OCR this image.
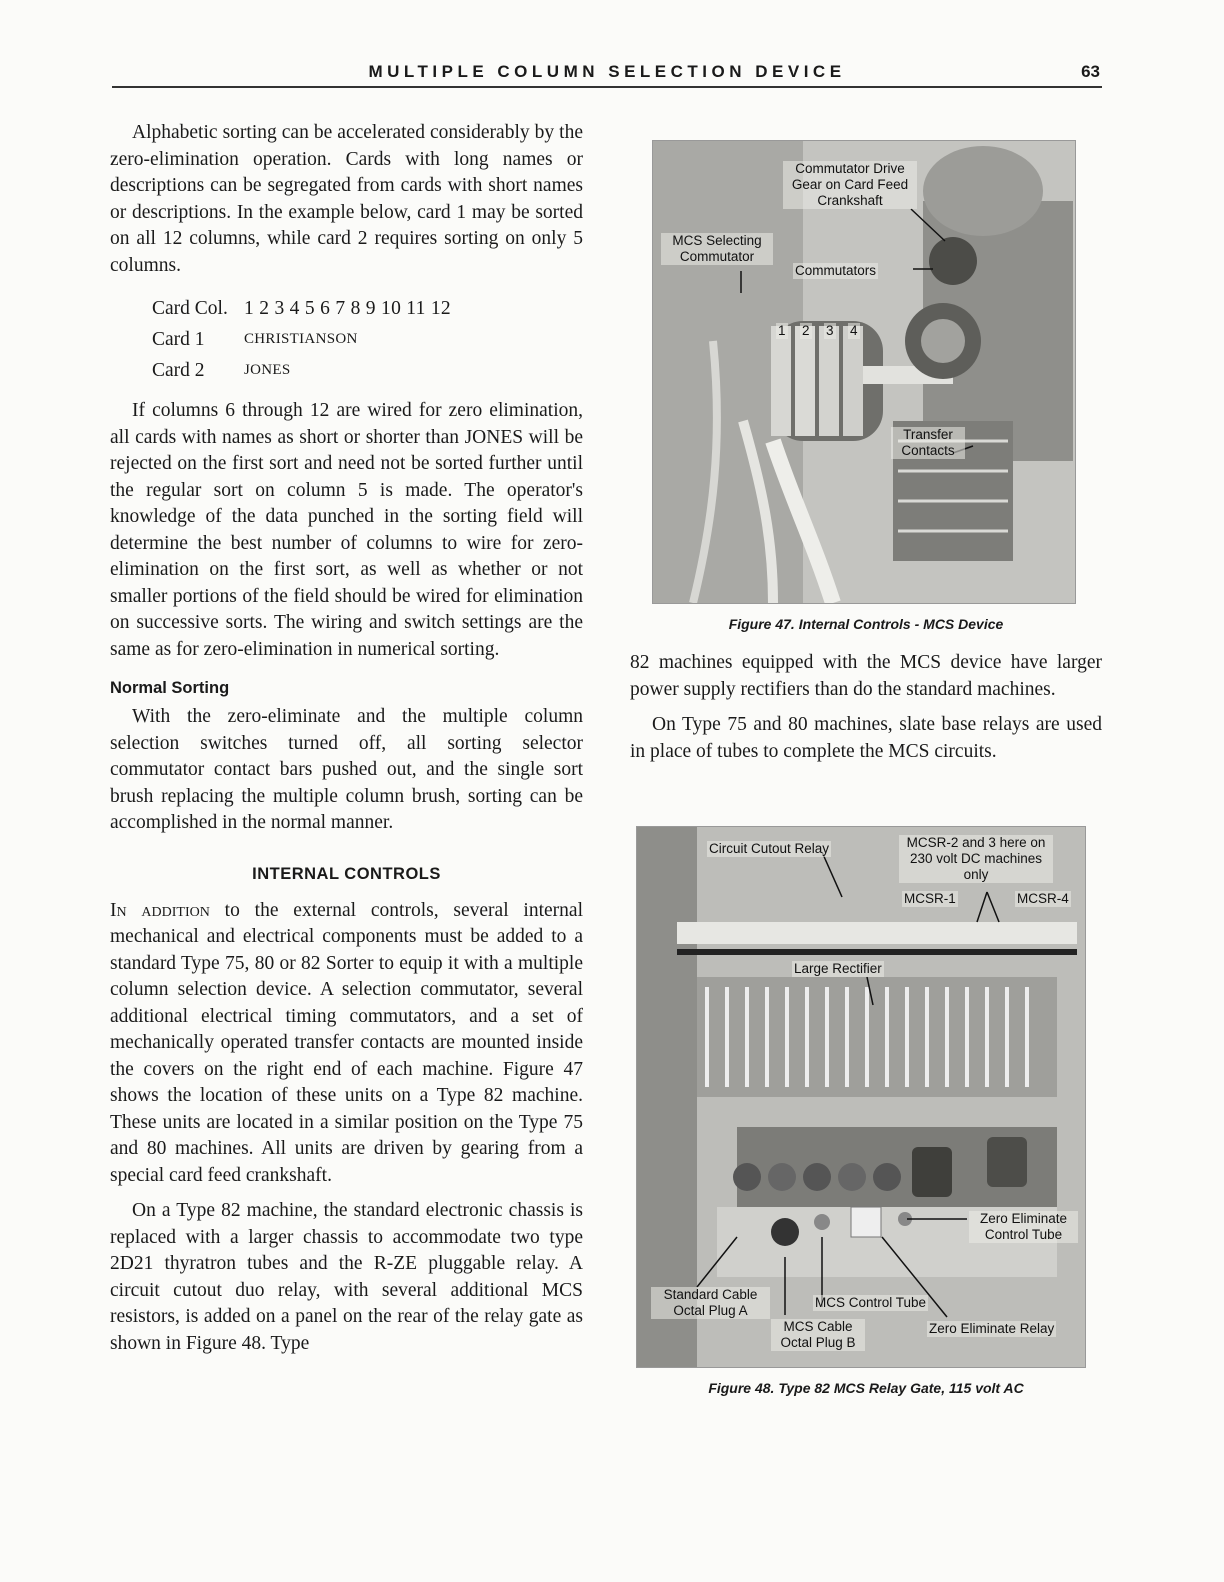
MULTIPLE COLUMN SELECTION DEVICE	63

Alphabetic sorting can be accelerated considerably by the zero-elimination operation. Cards with long names or descriptions can be segregated from cards with short names or descriptions. In the example below, card 1 may be sorted on all 12 columns, while card 2 requires sorting on only 5 columns.

Card Col. 1 2 3 4 5 6 7 8 9 10 11 12
Card 1	CHRISTIANSON
Card 2	JONES

If columns 6 through 12 are wired for zero elimination, all cards with names as short or shorter than JONES will be rejected on the first sort and need not be sorted further until the regular sort on column 5 is made. The operator's knowledge of the data punched in the sorting field will determine the best number of columns to wire for zero-elimination on the first sort, as well as whether or not smaller portions of the field should be wired for elimination on successive sorts. The wiring and switch settings are the same as for zero-elimination in numerical sorting.

Normal Sorting

With the zero-eliminate and the multiple column selection switches turned off, all sorting selector commutator contact bars pushed out, and the single sort brush replacing the multiple column brush, sorting can be accomplished in the normal manner.

INTERNAL CONTROLS

In addition to the external controls, several internal mechanical and electrical components must be added to a standard Type 75, 80 or 82 Sorter to equip it with a multiple column selection device. A selection commutator, several additional electrical timing commutators, and a set of mechanically operated transfer contacts are mounted inside the covers on the right end of each machine. Figure 47 shows the location of these units on a Type 82 machine. These units are located in a similar position on the Type 75 and 80 machines. All units are driven by gearing from a special card feed crankshaft.

On a Type 82 machine, the standard electronic chassis is replaced with a larger chassis to accommodate two type 2D21 thyratron tubes and the R-ZE pluggable relay. A circuit cutout duo relay, with several additional MCS resistors, is added on a panel on the rear of the relay gate as shown in Figure 48. Type

Commutator Drive Gear on Card Feed Crankshaft
MCS Selecting Commutator
Commutators
Transfer Contacts
1 2 3 4
Figure 47. Internal Controls - MCS Device

82 machines equipped with the MCS device have larger power supply rectifiers than do the standard machines.

On Type 75 and 80 machines, slate base relays are used in place of tubes to complete the MCS circuits.

Circuit Cutout Relay	MCSR-2 and 3 here on 230 volt DC machines only
MCSR-1	MCSR-4
Large Rectifier
Zero Eliminate Control Tube
Standard Cable Octal Plug A
MCS Control Tube
MCS Cable Octal Plug B
Zero Eliminate Relay
Figure 48. Type 82 MCS Relay Gate, 115 volt AC
